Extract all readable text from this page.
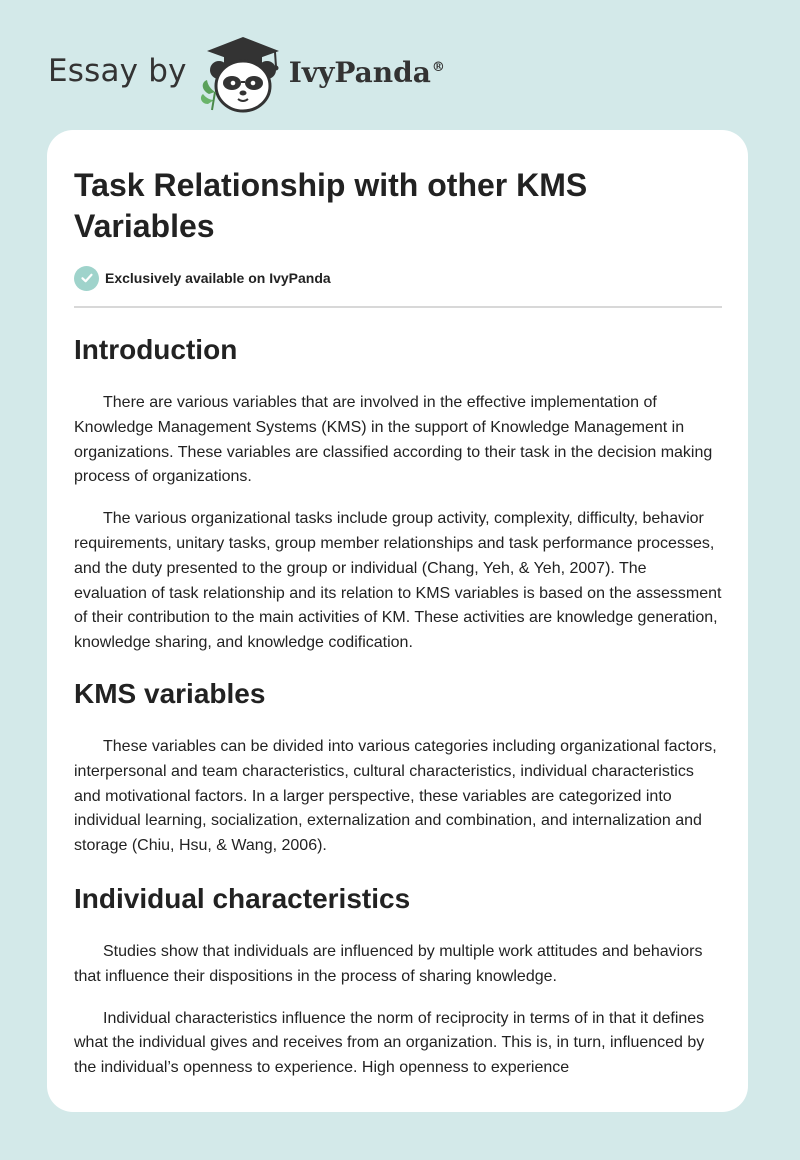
Essay by	IvyPanda®
Task Relationship with other KMS Variables
Exclusively available on IvyPanda
Introduction

There are various variables that are involved in the effective implementation of Knowledge Management Systems (KMS) in the support of Knowledge Management in organizations. These variables are classified according to their task in the decision making process of organizations.

The various organizational tasks include group activity, complexity, difficulty, behavior requirements, unitary tasks, group member relationships and task performance processes, and the duty presented to the group or individual (Chang, Yeh, & Yeh, 2007). The evaluation of task relationship and its relation to KMS variables is based on the assessment of their contribution to the main activities of KM. These activities are knowledge generation, knowledge sharing, and knowledge codification.

KMS variables

These variables can be divided into various categories including organizational factors, interpersonal and team characteristics, cultural characteristics, individual characteristics and motivational factors. In a larger perspective, these variables are categorized into individual learning, socialization, externalization and combination, and internalization and storage (Chiu, Hsu, & Wang, 2006).

Individual characteristics

Studies show that individuals are influenced by multiple work attitudes and behaviors that influence their dispositions in the process of sharing knowledge.

Individual characteristics influence the norm of reciprocity in terms of in that it defines what the individual gives and receives from an organization. This is, in turn, influenced by the individual’s openness to experience. High openness to experience
